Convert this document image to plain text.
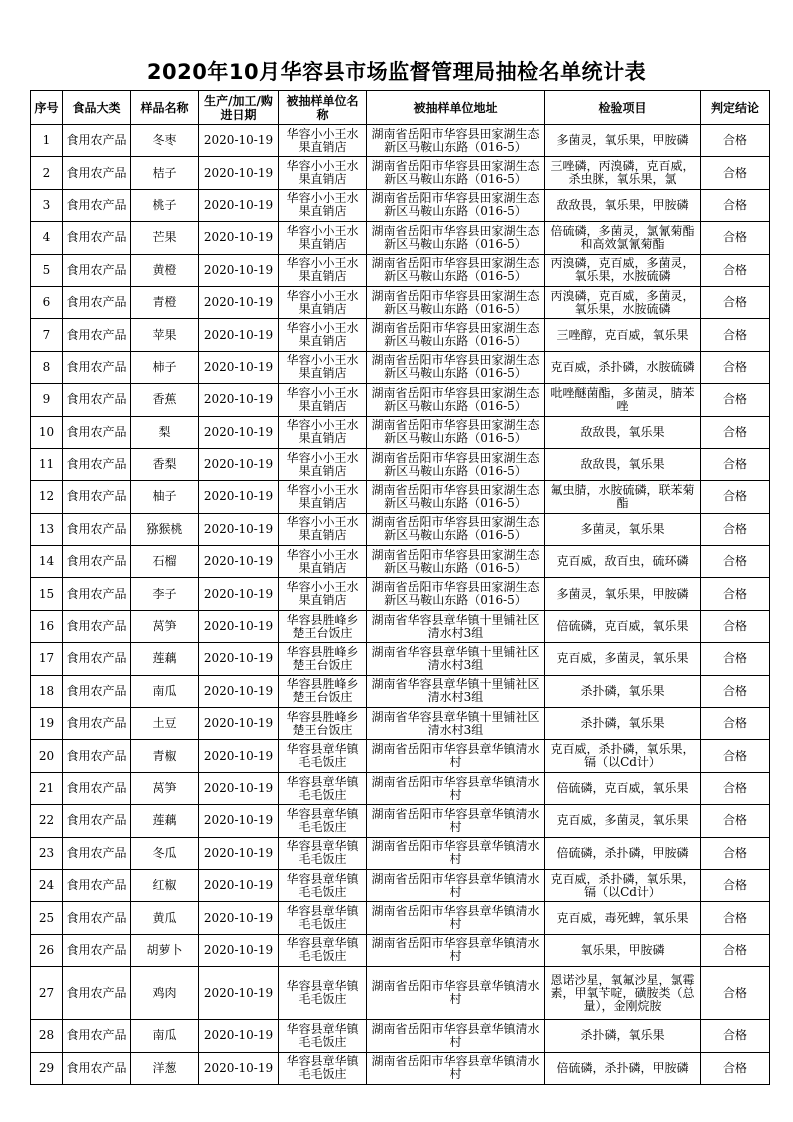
2020年10月华容县市场监督管理局抽检名单统计表
序号	食品大类	样品名称	生产/加工/购进日期	被抽样单位名称	被抽样单位地址	检验项目	判定结论
1	食用农产品	冬枣	2020-10-19	华容小小王水果直销店	湖南省岳阳市华容县田家湖生态新区马鞍山东路（016-5）	多菌灵，氧乐果，甲胺磷	合格
2	食用农产品	桔子	2020-10-19	华容小小王水果直销店	湖南省岳阳市华容县田家湖生态新区马鞍山东路（016-5）	三唑磷，丙溴磷，克百威，杀虫脒，氧乐果，氯	合格
3	食用农产品	桃子	2020-10-19	华容小小王水果直销店	湖南省岳阳市华容县田家湖生态新区马鞍山东路（016-5）	敌敌畏，氧乐果，甲胺磷	合格
4	食用农产品	芒果	2020-10-19	华容小小王水果直销店	湖南省岳阳市华容县田家湖生态新区马鞍山东路（016-5）	倍硫磷，多菌灵，氯氰菊酯和高效氯氰菊酯	合格
5	食用农产品	黄橙	2020-10-19	华容小小王水果直销店	湖南省岳阳市华容县田家湖生态新区马鞍山东路（016-5）	丙溴磷，克百威，多菌灵，氧乐果，水胺硫磷	合格
6	食用农产品	青橙	2020-10-19	华容小小王水果直销店	湖南省岳阳市华容县田家湖生态新区马鞍山东路（016-5）	丙溴磷，克百威，多菌灵，氧乐果，水胺硫磷	合格
7	食用农产品	苹果	2020-10-19	华容小小王水果直销店	湖南省岳阳市华容县田家湖生态新区马鞍山东路（016-5）	三唑醇，克百威，氧乐果	合格
8	食用农产品	柿子	2020-10-19	华容小小王水果直销店	湖南省岳阳市华容县田家湖生态新区马鞍山东路（016-5）	克百威，杀扑磷，水胺硫磷	合格
9	食用农产品	香蕉	2020-10-19	华容小小王水果直销店	湖南省岳阳市华容县田家湖生态新区马鞍山东路（016-5）	吡唑醚菌酯，多菌灵，腈苯唑	合格
10	食用农产品	梨	2020-10-19	华容小小王水果直销店	湖南省岳阳市华容县田家湖生态新区马鞍山东路（016-5）	敌敌畏，氧乐果	合格
11	食用农产品	香梨	2020-10-19	华容小小王水果直销店	湖南省岳阳市华容县田家湖生态新区马鞍山东路（016-5）	敌敌畏，氧乐果	合格
12	食用农产品	柚子	2020-10-19	华容小小王水果直销店	湖南省岳阳市华容县田家湖生态新区马鞍山东路（016-5）	氟虫腈，水胺硫磷，联苯菊酯	合格
13	食用农产品	猕猴桃	2020-10-19	华容小小王水果直销店	湖南省岳阳市华容县田家湖生态新区马鞍山东路（016-5）	多菌灵，氧乐果	合格
14	食用农产品	石榴	2020-10-19	华容小小王水果直销店	湖南省岳阳市华容县田家湖生态新区马鞍山东路（016-5）	克百威，敌百虫，硫环磷	合格
15	食用农产品	李子	2020-10-19	华容小小王水果直销店	湖南省岳阳市华容县田家湖生态新区马鞍山东路（016-5）	多菌灵，氧乐果，甲胺磷	合格
16	食用农产品	莴笋	2020-10-19	华容县胜峰乡楚王台饭庄	湖南省华容县章华镇十里铺社区清水村3组	倍硫磷，克百威，氧乐果	合格
17	食用农产品	莲藕	2020-10-19	华容县胜峰乡楚王台饭庄	湖南省华容县章华镇十里铺社区清水村3组	克百威，多菌灵，氧乐果	合格
18	食用农产品	南瓜	2020-10-19	华容县胜峰乡楚王台饭庄	湖南省华容县章华镇十里铺社区清水村3组	杀扑磷，氧乐果	合格
19	食用农产品	土豆	2020-10-19	华容县胜峰乡楚王台饭庄	湖南省华容县章华镇十里铺社区清水村3组	杀扑磷，氧乐果	合格
20	食用农产品	青椒	2020-10-19	华容县章华镇毛毛饭庄	湖南省岳阳市华容县章华镇清水村	克百威，杀扑磷，氧乐果，镉（以Cd计）	合格
21	食用农产品	莴笋	2020-10-19	华容县章华镇毛毛饭庄	湖南省岳阳市华容县章华镇清水村	倍硫磷，克百威，氧乐果	合格
22	食用农产品	莲藕	2020-10-19	华容县章华镇毛毛饭庄	湖南省岳阳市华容县章华镇清水村	克百威，多菌灵，氧乐果	合格
23	食用农产品	冬瓜	2020-10-19	华容县章华镇毛毛饭庄	湖南省岳阳市华容县章华镇清水村	倍硫磷，杀扑磷，甲胺磷	合格
24	食用农产品	红椒	2020-10-19	华容县章华镇毛毛饭庄	湖南省岳阳市华容县章华镇清水村	克百威，杀扑磷，氧乐果，镉（以Cd计）	合格
25	食用农产品	黄瓜	2020-10-19	华容县章华镇毛毛饭庄	湖南省岳阳市华容县章华镇清水村	克百威，毒死蜱，氧乐果	合格
26	食用农产品	胡萝卜	2020-10-19	华容县章华镇毛毛饭庄	湖南省岳阳市华容县章华镇清水村	氧乐果，甲胺磷	合格
27	食用农产品	鸡肉	2020-10-19	华容县章华镇毛毛饭庄	湖南省岳阳市华容县章华镇清水村	恩诺沙星，氧氟沙星，氯霉素，甲氧苄啶，磺胺类（总量），金刚烷胺	合格
28	食用农产品	南瓜	2020-10-19	华容县章华镇毛毛饭庄	湖南省岳阳市华容县章华镇清水村	杀扑磷，氧乐果	合格
29	食用农产品	洋葱	2020-10-19	华容县章华镇毛毛饭庄	湖南省岳阳市华容县章华镇清水村	倍硫磷，杀扑磷，甲胺磷	合格
